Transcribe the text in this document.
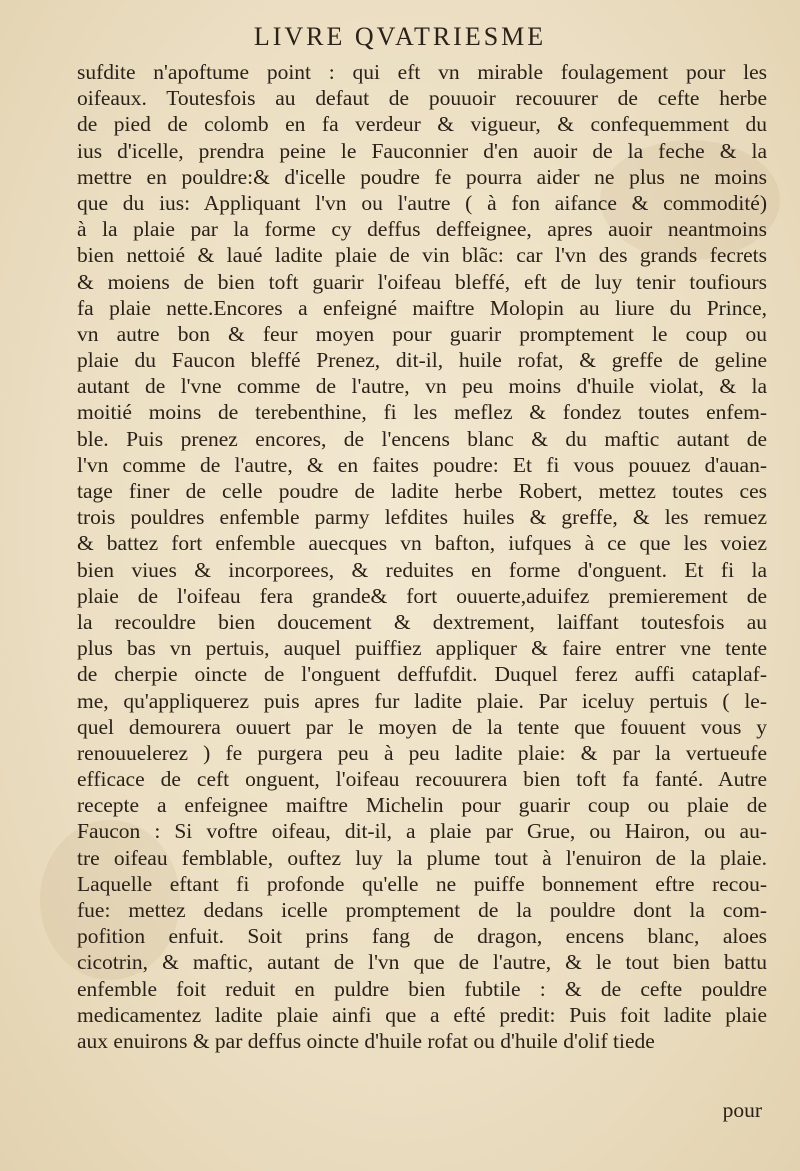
LIVRE QVATRIESME
sufdite n'apoftume point : qui eft vn mirable foulagement pour les
oifeaux. Toutesfois au defaut de pouuoir recouurer de cefte herbe
de pied de colomb en fa verdeur & vigueur, & confequemment du
ius d'icelle, prendra peine le Fauconnier d'en auoir de la feche & la
mettre en pouldre:& d'icelle poudre fe pourra aider ne plus ne moins
que du ius: Appliquant l'vn ou l'autre ( à fon aifance & commodité)
à la plaie par la forme cy deffus deffeignee, apres auoir neantmoins
bien nettoié & laué ladite plaie de vin blãc: car l'vn des grands fecrets
& moiens de bien toft guarir l'oifeau bleffé, eft de luy tenir toufiours
fa plaie nette.Encores a enfeigné maiftre Molopin au liure du Prince,
vn autre bon & feur moyen pour guarir promptement le coup ou
plaie du Faucon bleffé Prenez, dit-il, huile rofat, & greffe de geline
autant de l'vne comme de l'autre, vn peu moins d'huile violat, & la
moitié moins de terebenthine, fi les meflez & fondez toutes enfem-
ble. Puis prenez encores, de l'encens blanc & du maftic autant de
l'vn comme de l'autre, & en faites poudre: Et fi vous pouuez d'auan-
tage finer de celle poudre de ladite herbe Robert, mettez toutes ces
trois pouldres enfemble parmy lefdites huiles & greffe, & les remuez
& battez fort enfemble auecques vn bafton, iufques à ce que les voiez
bien viues & incorporees, & reduites en forme d'onguent. Et fi la
plaie de l'oifeau fera grande& fort ouuerte,aduifez premierement de
la recouldre bien doucement & dextrement, laiffant toutesfois au
plus bas vn pertuis, auquel puiffiez appliquer & faire entrer vne tente
de cherpie oincte de l'onguent deffufdit. Duquel ferez auffi cataplaf-
me, qu'appliquerez puis apres fur ladite plaie. Par iceluy pertuis ( le-
quel demourera ouuert par le moyen de la tente que fouuent vous y
renouuelerez ) fe purgera peu à peu ladite plaie: & par la vertueufe
efficace de ceft onguent, l'oifeau recouurera bien toft fa fanté. Autre
recepte a enfeignee maiftre Michelin pour guarir coup ou plaie de
Faucon : Si voftre oifeau, dit-il, a plaie par Grue, ou Hairon, ou au-
tre oifeau femblable, ouftez luy la plume tout à l'enuiron de la plaie.
Laquelle eftant fi profonde qu'elle ne puiffe bonnement eftre recou-
fue: mettez dedans icelle promptement de la pouldre dont la com-
pofition enfuit. Soit prins fang de dragon, encens blanc, aloes
cicotrin, & maftic, autant de l'vn que de l'autre, & le tout bien battu
enfemble foit reduit en puldre bien fubtile : & de cefte pouldre
medicamentez ladite plaie ainfi que a efté predit: Puis foit ladite plaie
aux enuirons & par deffus oincte d'huile rofat ou d'huile d'olif tiede
pour
